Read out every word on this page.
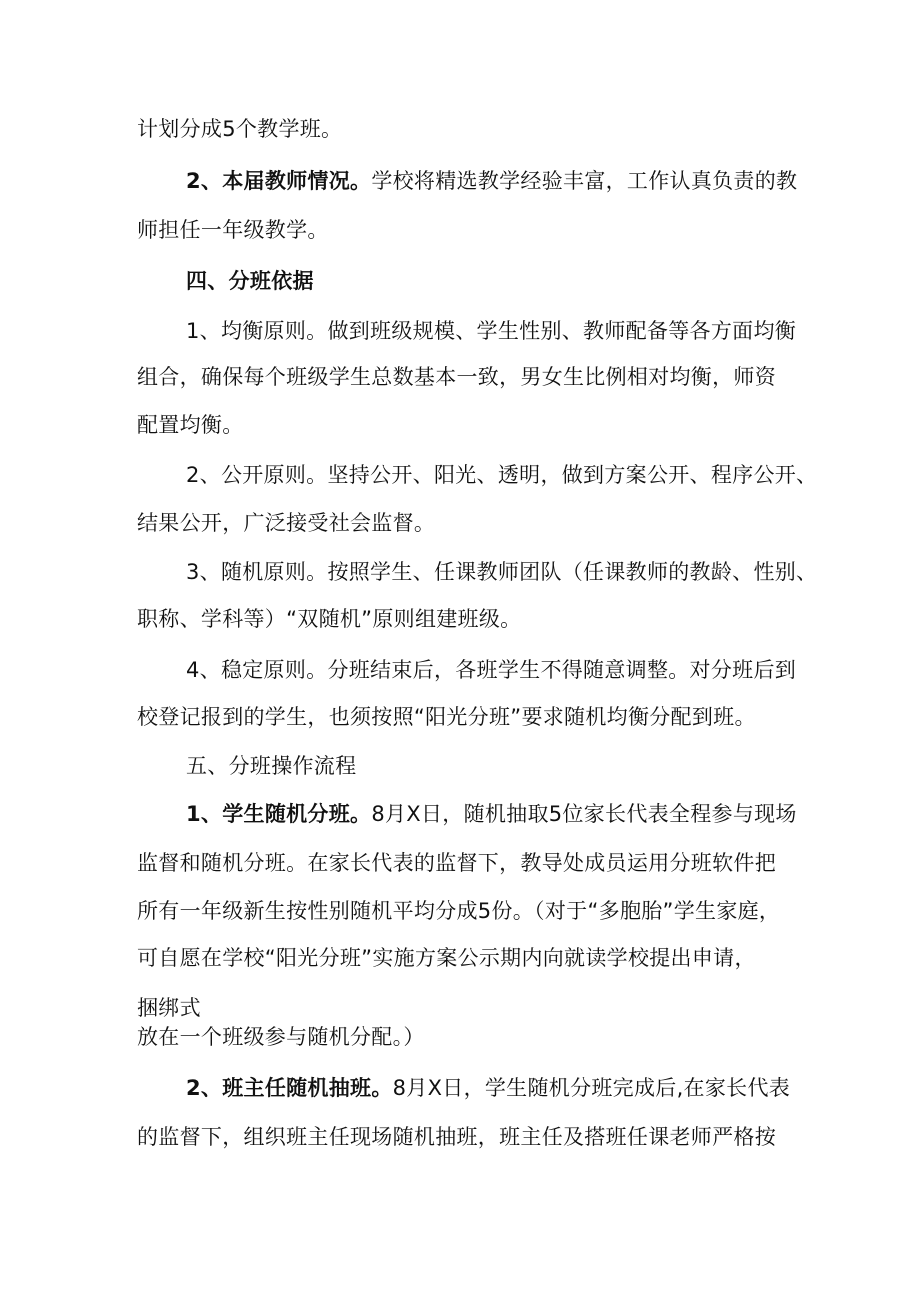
计划分成5个教学班。
2、本届教师情况。学校将精选教学经验丰富，工作认真负责的教
师担任一年级教学。
四、分班依据
1、均衡原则。做到班级规模、学生性别、教师配备等各方面均衡
组合，确保每个班级学生总数基本一致，男女生比例相对均衡，师资
配置均衡。
2、公开原则。坚持公开、阳光、透明，做到方案公开、程序公开、
结果公开，广泛接受社会监督。
3、随机原则。按照学生、任课教师团队（任课教师的教龄、性别、
职称、学科等）“双随机”原则组建班级。
4、稳定原则。分班结束后，各班学生不得随意调整。对分班后到
校登记报到的学生，也须按照“阳光分班”要求随机均衡分配到班。
五、分班操作流程
1、学生随机分班。8月X日，随机抽取5位家长代表全程参与现场
监督和随机分班。在家长代表的监督下，教导处成员运用分班软件把
所有一年级新生按性别随机平均分成5份。（对于“多胞胎”学生家庭，
可自愿在学校“阳光分班”实施方案公示期内向就读学校提出申请，
捆绑式
放在一个班级参与随机分配。）
2、班主任随机抽班。8月X日，学生随机分班完成后,在家长代表
的监督下，组织班主任现场随机抽班，班主任及搭班任课老师严格按
